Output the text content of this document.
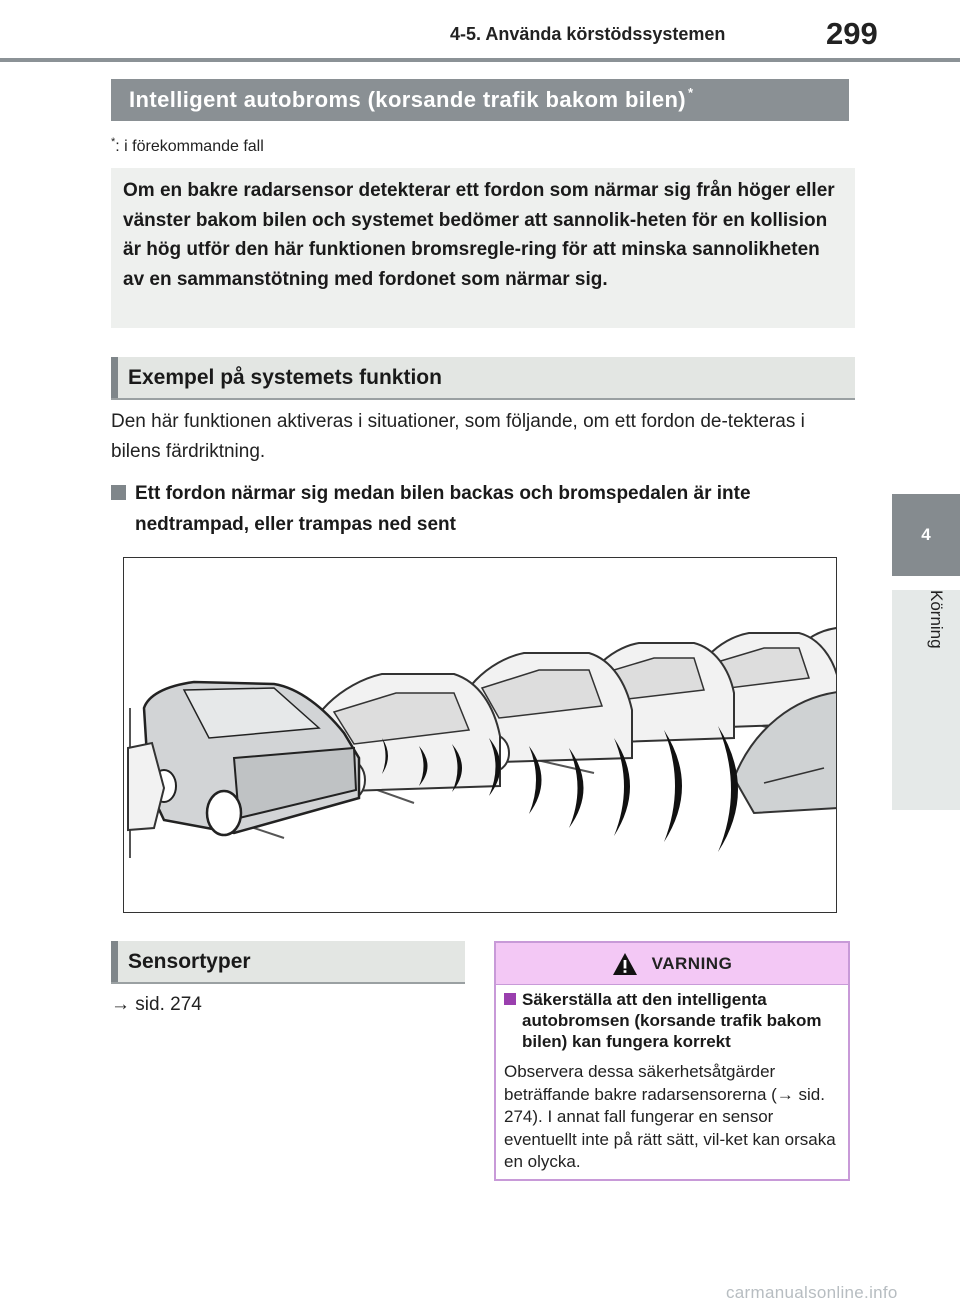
4-5. Använda körstödssystemen	299
4
Körning
Intelligent autobroms (korsande trafik bakom bilen)*
*: i förekommande fall
Om en bakre radarsensor detekterar ett fordon som närmar sig från höger eller vänster bakom bilen och systemet bedömer att sannolik-heten för en kollision är hög utför den här funktionen bromsregle-ring för att minska sannolikheten av en sammanstötning med fordonet som närmar sig.
Exempel på systemets funktion
Den här funktionen aktiveras i situationer, som följande, om ett fordon de-tekteras i bilens färdriktning.
Ett fordon närmar sig medan bilen backas och bromspedalen är inte nedtrampad, eller trampas ned sent
Sensortyper
→ sid. 274
VARNING
Säkerställa att den intelligenta autobromsen (korsande trafik bakom bilen) kan fungera korrekt
Observera dessa säkerhetsåtgärder beträffande bakre radarsensorerna (→ sid. 274). I annat fall fungerar en sensor eventuellt inte på rätt sätt, vil-ket kan orsaka en olycka.
carmanualsonline.info
